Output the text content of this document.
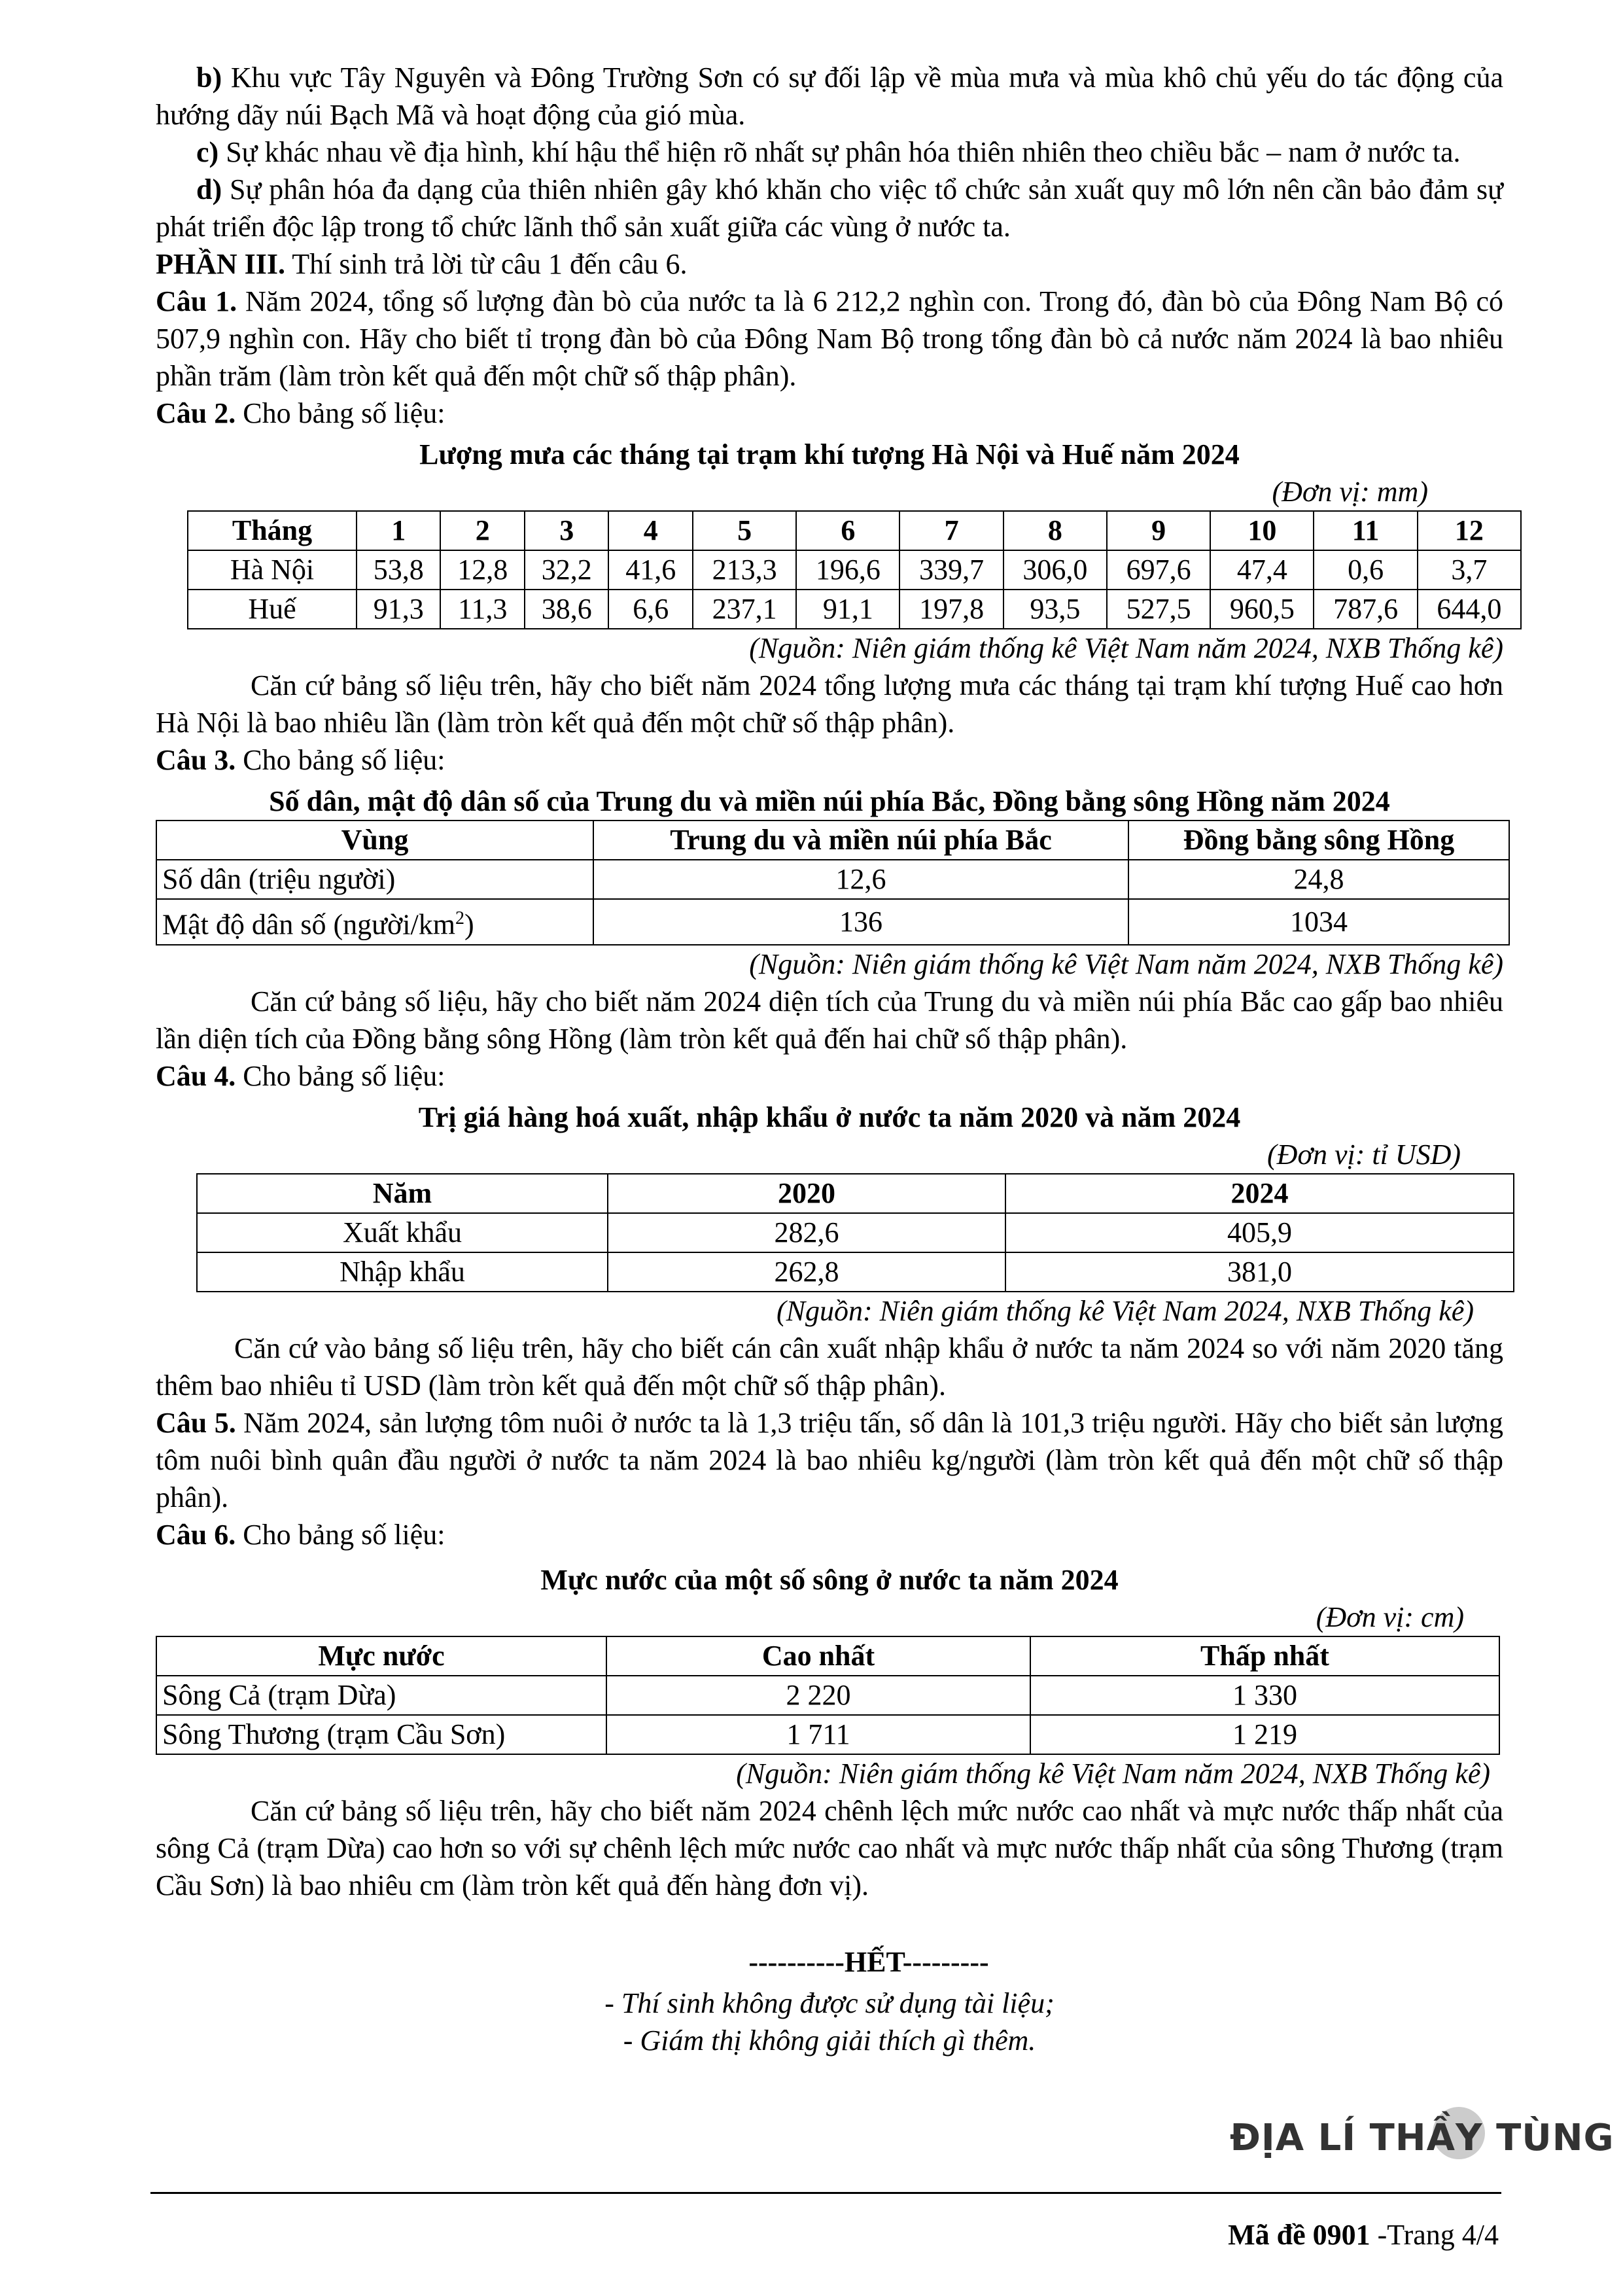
b) Khu vực Tây Nguyên và Đông Trường Sơn có sự đối lập về mùa mưa và mùa khô chủ yếu do tác động của hướng dãy núi Bạch Mã và hoạt động của gió mùa.

c) Sự khác nhau về địa hình, khí hậu thể hiện rõ nhất sự phân hóa thiên nhiên theo chiều bắc – nam ở nước ta.

d) Sự phân hóa đa dạng của thiên nhiên gây khó khăn cho việc tổ chức sản xuất quy mô lớn nên cần bảo đảm sự phát triển độc lập trong tổ chức lãnh thổ sản xuất giữa các vùng ở nước ta.

PHẦN III. Thí sinh trả lời từ câu 1 đến câu 6.

Câu 1. Năm 2024, tổng số lượng đàn bò của nước ta là 6 212,2 nghìn con. Trong đó, đàn bò của Đông Nam Bộ có 507,9 nghìn con. Hãy cho biết tỉ trọng đàn bò của Đông Nam Bộ trong tổng đàn bò cả nước năm 2024 là bao nhiêu phần trăm (làm tròn kết quả đến một chữ số thập phân).

Câu 2. Cho bảng số liệu:

Lượng mưa các tháng tại trạm khí tượng Hà Nội và Huế năm 2024

(Đơn vị: mm)

Tháng	1	2	3	4	5	6	7	8	9	10	11	12
Hà Nội	53,8	12,8	32,2	41,6	213,3	196,6	339,7	306,0	697,6	47,4	0,6	3,7
Huế	91,3	11,3	38,6	6,6	237,1	91,1	197,8	93,5	527,5	960,5	787,6	644,0

(Nguồn: Niên giám thống kê Việt Nam năm 2024, NXB Thống kê)

Căn cứ bảng số liệu trên, hãy cho biết năm 2024 tổng lượng mưa các tháng tại trạm khí tượng Huế cao hơn Hà Nội là bao nhiêu lần (làm tròn kết quả đến một chữ số thập phân).

Câu 3. Cho bảng số liệu:

Số dân, mật độ dân số của Trung du và miền núi phía Bắc, Đồng bằng sông Hồng năm 2024

Vùng	Trung du và miền núi phía Bắc	Đồng bằng sông Hồng
Số dân (triệu người)	12,6	24,8
Mật độ dân số $(người/km^2)$	136	1034

(Nguồn: Niên giám thống kê Việt Nam năm 2024, NXB Thống kê)

Căn cứ bảng số liệu, hãy cho biết năm 2024 diện tích của Trung du và miền núi phía Bắc cao gấp bao nhiêu lần diện tích của Đồng bằng sông Hồng (làm tròn kết quả đến hai chữ số thập phân).

Câu 4. Cho bảng số liệu:

Trị giá hàng hoá xuất, nhập khẩu ở nước ta năm 2020 và năm 2024

(Đơn vị: tỉ USD)

Năm	2020	2024
Xuất khẩu	282,6	405,9
Nhập khẩu	262,8	381,0

(Nguồn: Niên giám thống kê Việt Nam 2024, NXB Thống kê)

Căn cứ vào bảng số liệu trên, hãy cho biết cán cân xuất nhập khẩu ở nước ta năm 2024 so với năm 2020 tăng thêm bao nhiêu tỉ USD (làm tròn kết quả đến một chữ số thập phân).

Câu 5. Năm 2024, sản lượng tôm nuôi ở nước ta là 1,3 triệu tấn, số dân là 101,3 triệu người. Hãy cho biết sản lượng tôm nuôi bình quân đầu người ở nước ta năm 2024 là bao nhiêu kg/người (làm tròn kết quả đến một chữ số thập phân).

Câu 6. Cho bảng số liệu:

Mực nước của một số sông ở nước ta năm 2024

(Đơn vị: cm)

Mực nước	Cao nhất	Thấp nhất
Sông Cả (trạm Dừa)	2 220	1 330
Sông Thương (trạm Cầu Sơn)	1 711	1 219

(Nguồn: Niên giám thống kê Việt Nam năm 2024, NXB Thống kê)

Căn cứ bảng số liệu trên, hãy cho biết năm 2024 chênh lệch mức nước cao nhất và mực nước thấp nhất của sông Cả (trạm Dừa) cao hơn so với sự chênh lệch mức nước cao nhất và mực nước thấp nhất của sông Thương (trạm Cầu Sơn) là bao nhiêu cm (làm tròn kết quả đến hàng đơn vị).

----------HẾT---------

- Thí sinh không được sử dụng tài liệu;

- Giám thị không giải thích gì thêm.

ĐỊA LÍ THẦY TÙNG
Mã đề 0901 -Trang 4/4
